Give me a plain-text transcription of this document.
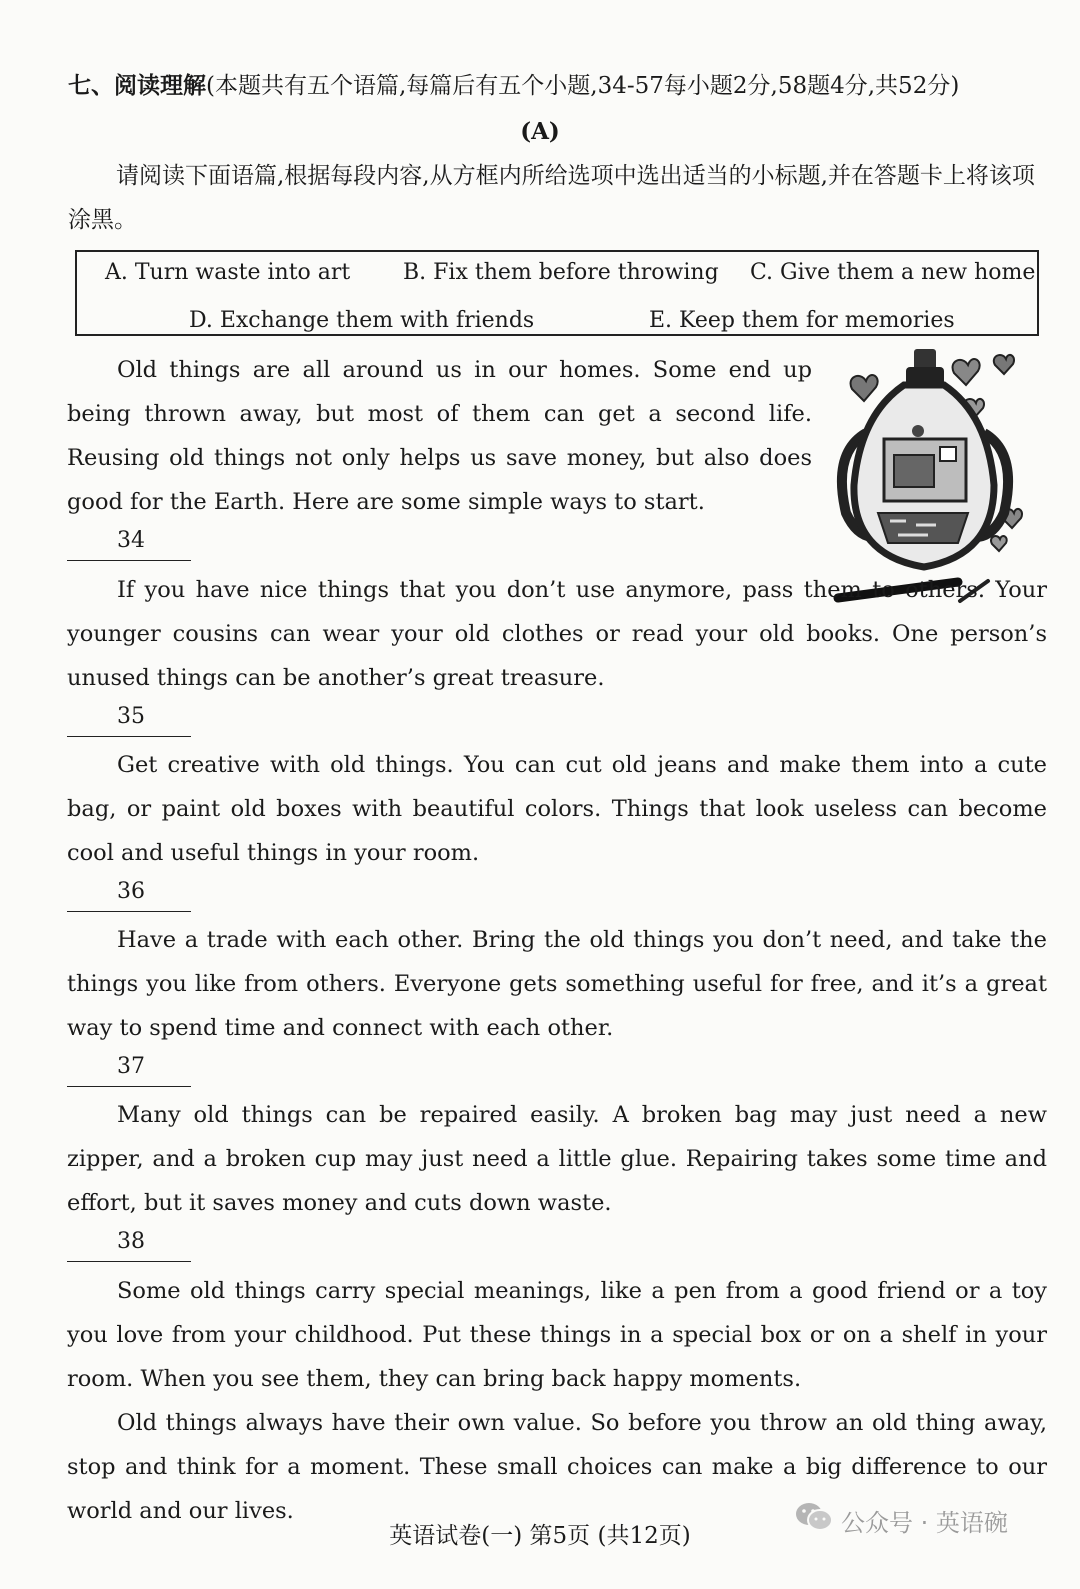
七、阅读理解(本题共有五个语篇,每篇后有五个小题,34-57每小题2分,58题4分,共52分)
(A)
请阅读下面语篇,根据每段内容,从方框内所给选项中选出适当的小标题,并在答题卡上将该项涂黑。
A. Turn waste into art B. Fix them before throwing C. Give them a new home
D. Exchange them with friends	E. Keep them for memories

Old things are all around us in our homes. Some end up being thrown away, but most of them can get a second life. Reusing old things not only helps us save money, but also does good for the Earth. Here are some simple ways to start.

34

If you have nice things that you don’t use anymore, pass them to others. Your younger cousins can wear your old clothes or read your old books. One person’s unused things can be another’s great treasure.

35

Get creative with old things. You can cut old jeans and make them into a cute bag, or paint old boxes with beautiful colors. Things that look useless can become cool and useful things in your room.

36

Have a trade with each other. Bring the old things you don’t need, and take the things you like from others. Everyone gets something useful for free, and it’s a great way to spend time and connect with each other.

37

Many old things can be repaired easily. A broken bag may just need a new zipper, and a broken cup may just need a little glue. Repairing takes some time and effort, but it saves money and cuts down waste.

38

Some old things carry special meanings, like a pen from a good friend or a toy you love from your childhood. Put these things in a special box or on a shelf in your room. When you see them, they can bring back happy moments.

Old things always have their own value. So before you throw an old thing away, stop and think for a moment. These small choices can make a big difference to our world and our lives.

英语试卷(一) 第5页 (共12页)	公众号 · 英语碗
